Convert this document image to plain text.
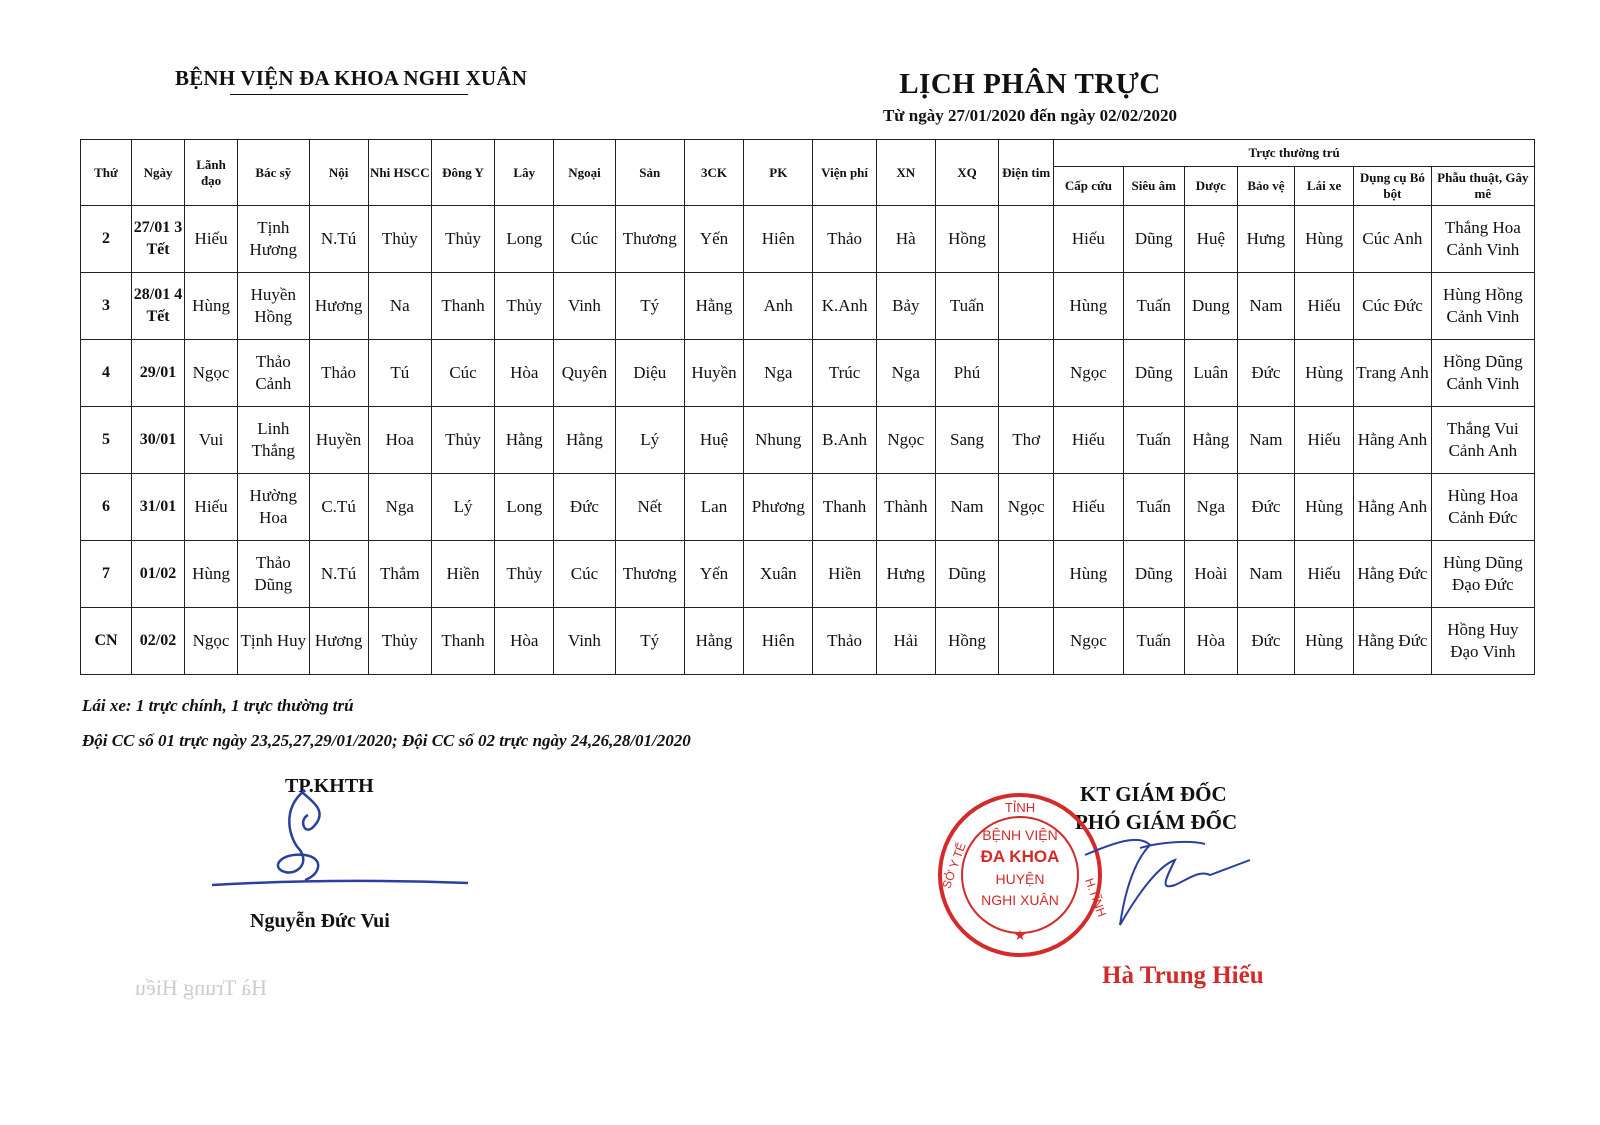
BỆNH VIỆN ĐA KHOA NGHI XUÂN	LỊCH PHÂN TRỰC
Từ ngày 27/01/2020 đến ngày 02/02/2020
Thứ	Ngày	Lãnh đạo	Bác sỹ	Nội	Nhi HSCC	Đông Y	Lây	Ngoại	Sản	3CK	PK	Viện phí	XN	XQ	Điện tim	Trực thường trú						
																Cấp cứu	Siêu âm	Dược	Bảo vệ	Lái xe	Dụng cụ Bó bột	Phẫu thuật, Gây mê
2	27/01 3 Tết	Hiếu	Tịnh Hương	N.Tú	Thủy	Thủy	Long	Cúc	Thương	Yến	Hiên	Thảo	Hà	Hồng		Hiếu	Dũng	Huệ	Hưng	Hùng	Cúc Anh	Thắng Hoa Cảnh Vinh
3	28/01 4 Tết	Hùng	Huyền Hồng	Hương	Na	Thanh	Thủy	Vinh	Tý	Hằng	Anh	K.Anh	Bảy	Tuấn		Hùng	Tuấn	Dung	Nam	Hiếu	Cúc Đức	Hùng Hồng Cảnh Vinh
4	29/01	Ngọc	Thảo Cảnh	Thảo	Tú	Cúc	Hòa	Quyên	Diệu	Huyền	Nga	Trúc	Nga	Phú		Ngọc	Dũng	Luân	Đức	Hùng	Trang Anh	Hồng Dũng Cảnh Vinh
5	30/01	Vui	Linh Thắng	Huyền	Hoa	Thủy	Hằng	Hằng	Lý	Huệ	Nhung	B.Anh	Ngọc	Sang	Thơ	Hiếu	Tuấn	Hằng	Nam	Hiếu	Hằng Anh	Thắng Vui Cảnh Anh
6	31/01	Hiếu	Hường Hoa	C.Tú	Nga	Lý	Long	Đức	Nết	Lan	Phương	Thanh	Thành	Nam	Ngọc	Hiếu	Tuấn	Nga	Đức	Hùng	Hằng Anh	Hùng Hoa Cảnh Đức
7	01/02	Hùng	Thảo Dũng	N.Tú	Thắm	Hiền	Thủy	Cúc	Thương	Yến	Xuân	Hiền	Hưng	Dũng		Hùng	Dũng	Hoài	Nam	Hiếu	Hằng Đức	Hùng Dũng Đạo Đức
CN	02/02	Ngọc	Tịnh Huy	Hương	Thủy	Thanh	Hòa	Vinh	Tý	Hằng	Hiên	Thảo	Hải	Hồng		Ngọc	Tuấn	Hòa	Đức	Hùng	Hằng Đức	Hồng Huy Đạo Vinh
Lái xe: 1 trực chính, 1 trực thường trú
Đội CC số 01 trực ngày 23,25,27,29/01/2020; Đội CC số 02 trực ngày 24,26,28/01/2020
TP.KHTH
Nguyễn Đức Vui
KT GIÁM ĐỐC
PHÓ GIÁM ĐỐC
TỈNH
SỞ Y TẾ
H.TĨNH
BỆNH VIỆN
ĐA KHOA
HUYỆN
NGHI XUÂN
★
Hà Trung Hiếu
Hà Trung Hiếu
